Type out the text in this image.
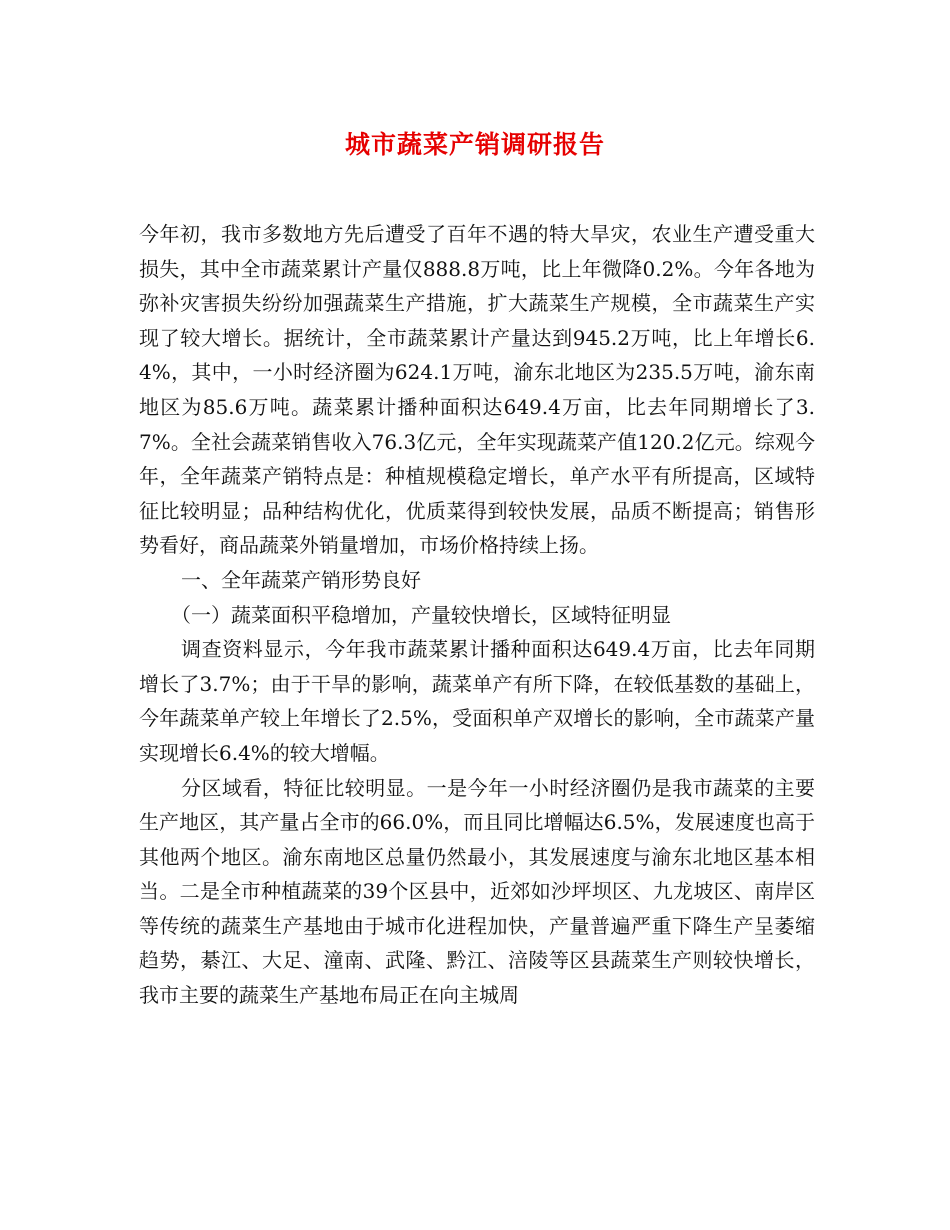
城市蔬菜产销调研报告

今年初，我市多数地方先后遭受了百年不遇的特大旱灾，农业生产遭受重大损失，其中全市蔬菜累计产量仅888.8万吨，比上年微降0.2%。今年各地为弥补灾害损失纷纷加强蔬菜生产措施，扩大蔬菜生产规模，全市蔬菜生产实现了较大增长。据统计，全市蔬菜累计产量达到945.2万吨，比上年增长6.4%，其中，一小时经济圈为624.1万吨，渝东北地区为235.5万吨，渝东南地区为85.6万吨。蔬菜累计播种面积达649.4万亩，比去年同期增长了3.7%。全社会蔬菜销售收入76.3亿元，全年实现蔬菜产值120.2亿元。综观今年，全年蔬菜产销特点是：种植规模稳定增长，单产水平有所提高，区域特征比较明显；品种结构优化，优质菜得到较快发展，品质不断提高；销售形势看好，商品蔬菜外销量增加，市场价格持续上扬。

一、全年蔬菜产销形势良好

（一）蔬菜面积平稳增加，产量较快增长，区域特征明显

调查资料显示，今年我市蔬菜累计播种面积达649.4万亩，比去年同期增长了3.7%；由于干旱的影响，蔬菜单产有所下降，在较低基数的基础上，今年蔬菜单产较上年增长了2.5%，受面积单产双增长的影响，全市蔬菜产量实现增长6.4%的较大增幅。

分区域看，特征比较明显。一是今年一小时经济圈仍是我市蔬菜的主要生产地区，其产量占全市的66.0%，而且同比增幅达6.5%，发展速度也高于其他两个地区。渝东南地区总量仍然最小，其发展速度与渝东北地区基本相当。二是全市种植蔬菜的39个区县中，近郊如沙坪坝区、九龙坡区、南岸区等传统的蔬菜生产基地由于城市化进程加快，产量普遍严重下降生产呈萎缩趋势，綦江、大足、潼南、武隆、黔江、涪陵等区县蔬菜生产则较快增长，我市主要的蔬菜生产基地布局正在向主城周
